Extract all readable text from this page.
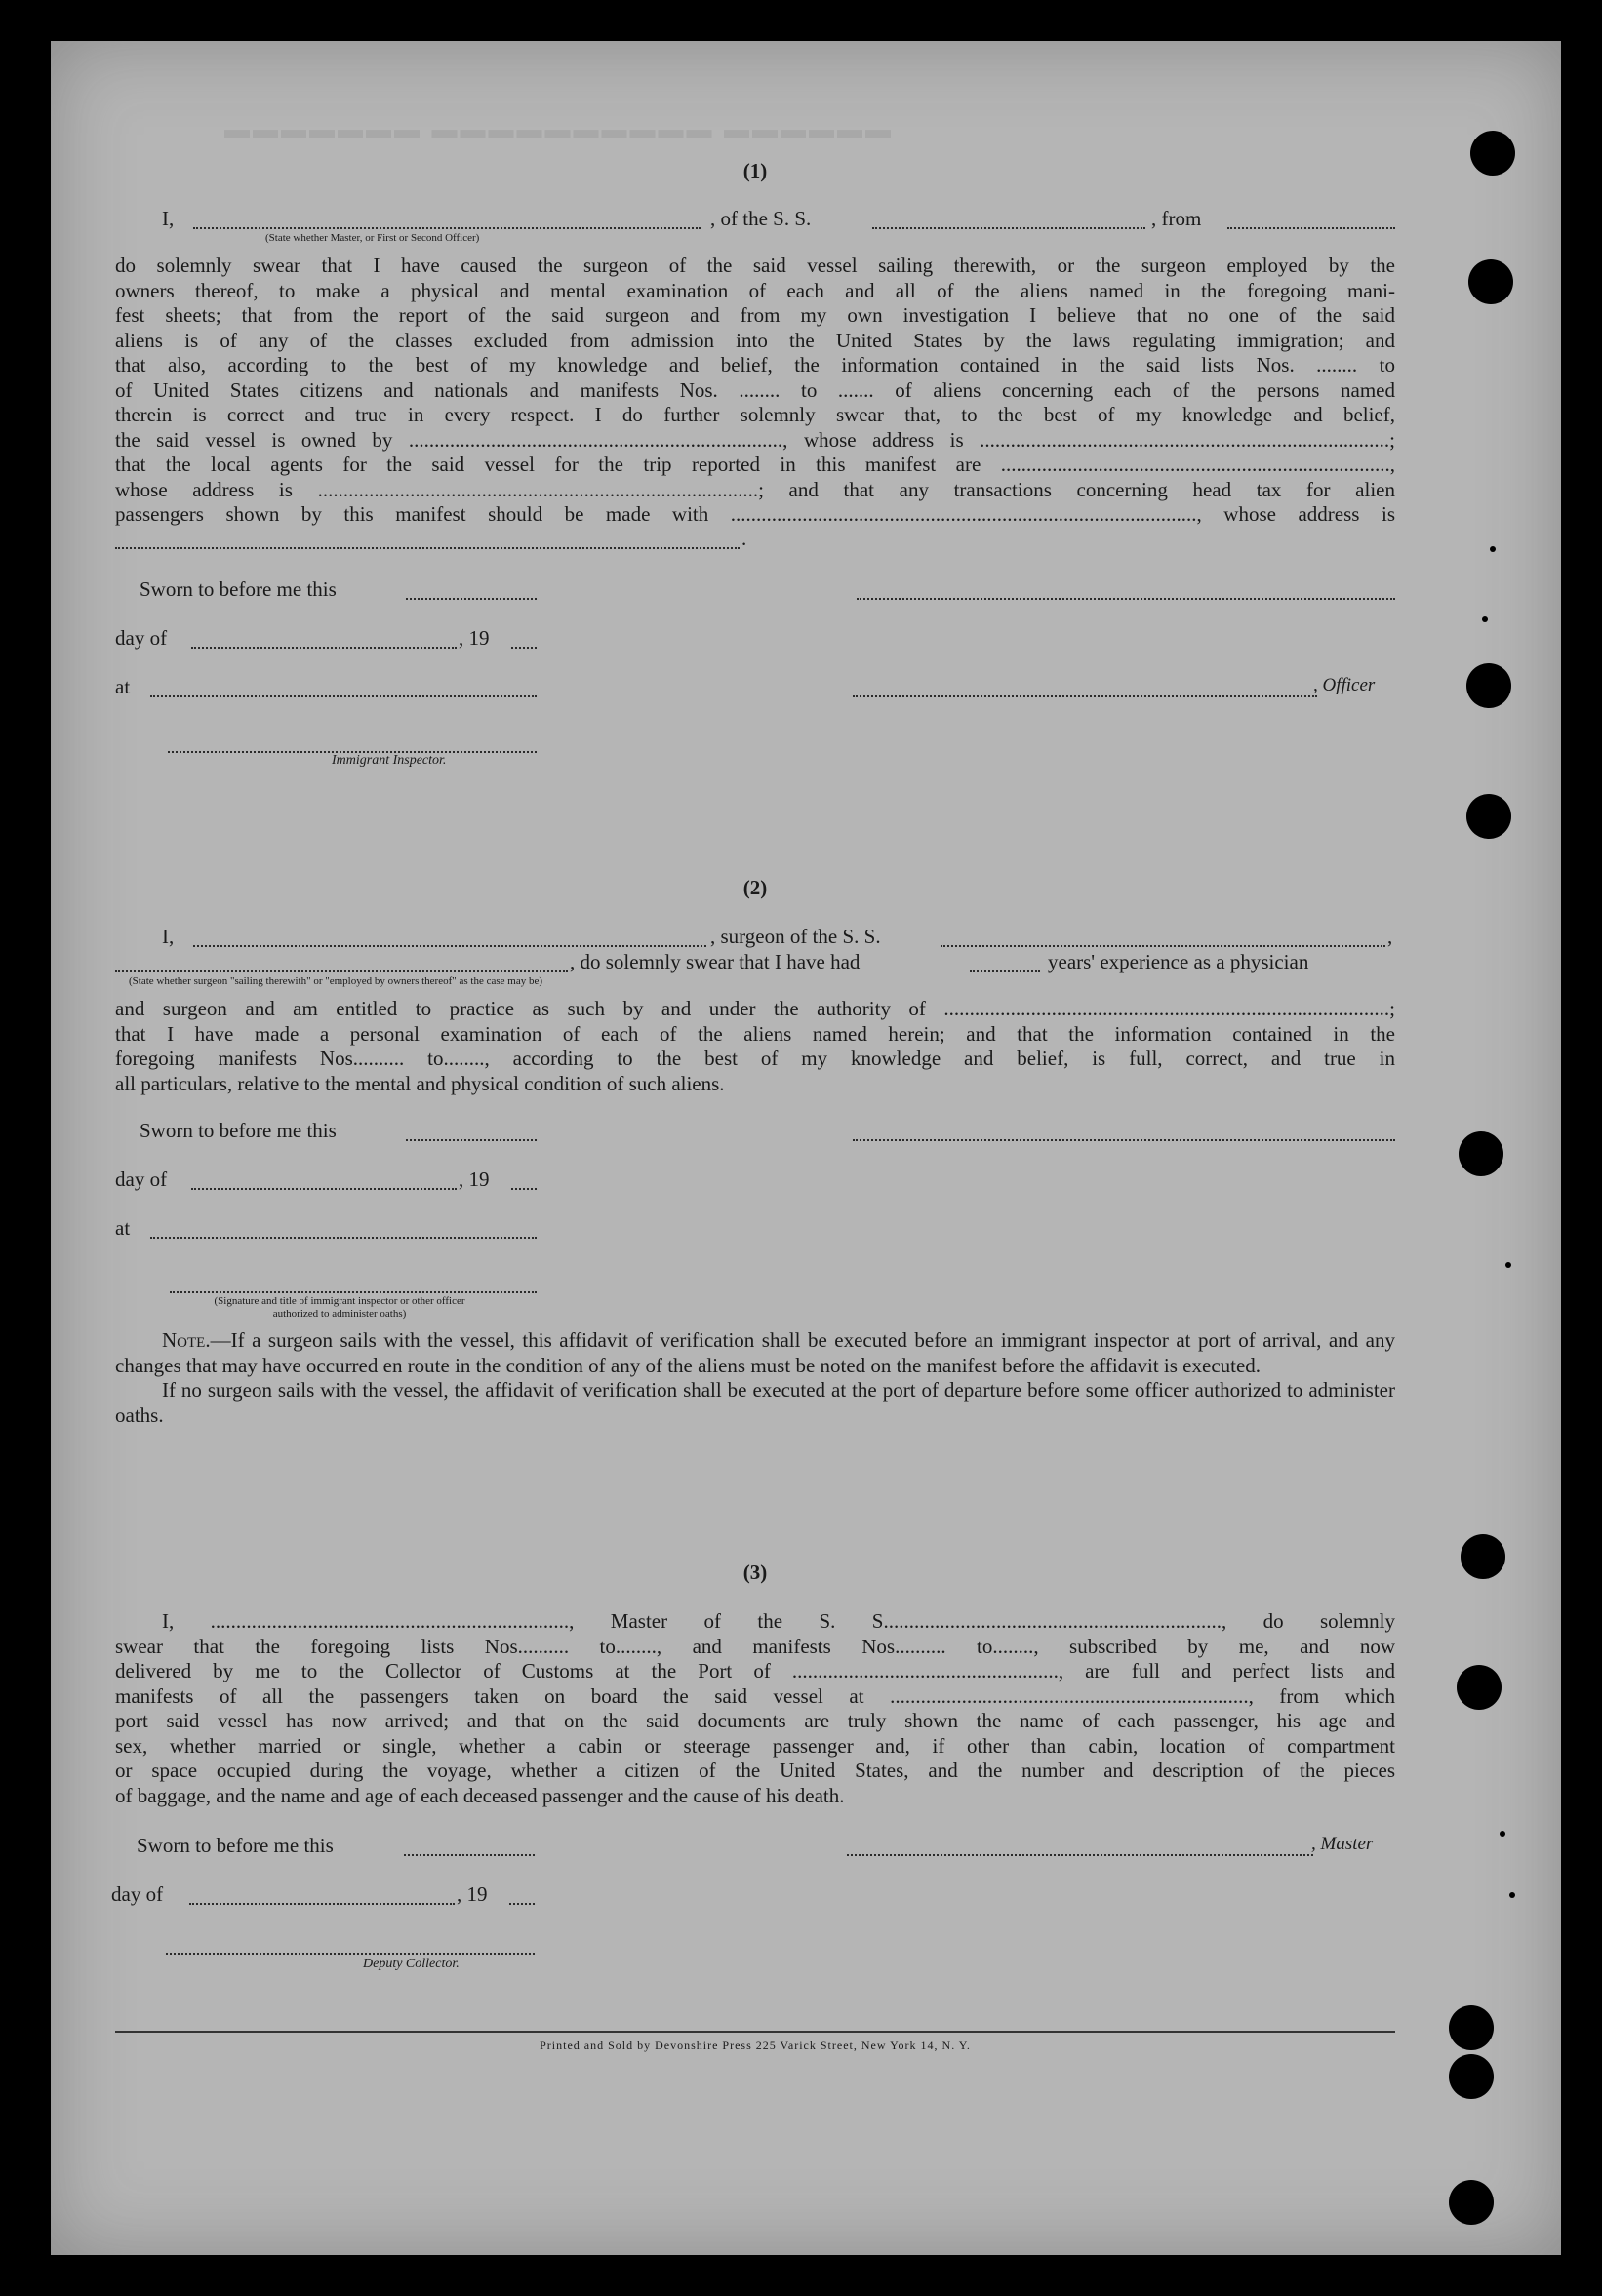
▬▬▬▬▬▬▬ ▬▬▬▬▬▬▬▬▬▬ ▬▬▬▬▬▬

(1)

I,	, of the S. S.	, from
(State whether Master, or First or Second Officer)

do solemnly swear that I have caused the surgeon of the said vessel sailing therewith, or the surgeon employed by the

owners thereof, to make a physical and mental examination of each and all of the aliens named in the foregoing mani-

fest sheets; that from the report of the said surgeon and from my own investigation I believe that no one of the said

aliens is of any of the classes excluded from admission into the United States by the laws regulating immigration; and

that also, according to the best of my knowledge and belief, the information contained in the said lists Nos. ........ to

of United States citizens and nationals and manifests Nos. ........ to ....... of aliens concerning each of the persons named

therein is correct and true in every respect. I do further solemnly swear that, to the best of my knowledge and belief,

the said vessel is owned by ........................................................................., whose address is ................................................................................;

that the local agents for the said vessel for the trip reported in this manifest are ............................................................................,

whose address is ......................................................................................; and that any transactions concerning head tax for alien

passengers shown by this manifest should be made with ..........................................................................................., whose address is

.
Sworn to before me this
day of	, 19
at	, Officer
Immigrant Inspector.

(2)

I,	, surgeon of the S. S.	,
, do solemnly swear that I have had	years' experience as a physician
(State whether surgeon "sailing therewith" or "employed by owners thereof" as the case may be)

and surgeon and am entitled to practice as such by and under the authority of .......................................................................................;

that I have made a personal examination of each of the aliens named herein; and that the information contained in the

foregoing manifests Nos.......... to........, according to the best of my knowledge and belief, is full, correct, and true in

all particulars, relative to the mental and physical condition of such aliens.

Sworn to before me this
day of	, 19
at
(Signature and title of immigrant inspector or other officer authorized to administer oaths)

Note.—If a surgeon sails with the vessel, this affidavit of verification shall be executed before an immigrant inspector at port of arrival, and any changes that may have occurred en route in the condition of any of the aliens must be noted on the manifest before the affidavit is executed.

If no surgeon sails with the vessel, the affidavit of verification shall be executed at the port of departure before some officer authorized to administer oaths.

(3)

I, ......................................................................, Master of the S. S.................................................................., do solemnly

swear that the foregoing lists Nos.......... to........, and manifests Nos.......... to........, subscribed by me, and now

delivered by me to the Collector of Customs at the Port of ...................................................., are full and perfect lists and

manifests of all the passengers taken on board the said vessel at ......................................................................, from which

port said vessel has now arrived; and that on the said documents are truly shown the name of each passenger, his age and

sex, whether married or single, whether a cabin or steerage passenger and, if other than cabin, location of compartment

or space occupied during the voyage, whether a citizen of the United States, and the number and description of the pieces

of baggage, and the name and age of each deceased passenger and the cause of his death.

Sworn to before me this	, Master
day of	, 19
Deputy Collector.
Printed and Sold by Devonshire Press 225 Varick Street, New York 14, N. Y.
